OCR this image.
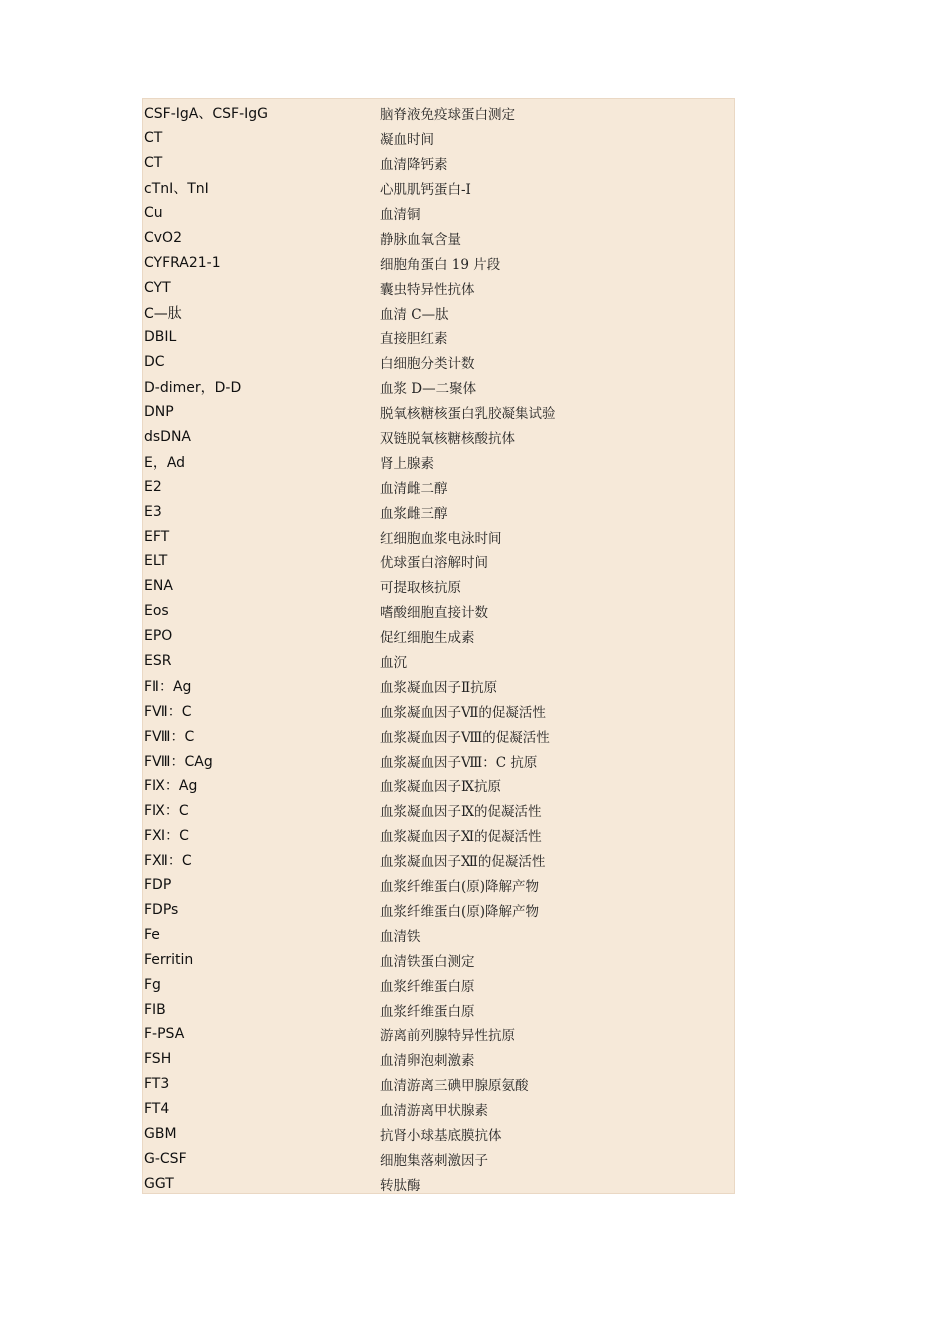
CSF-IgA、CSF-IgG	脑脊液免疫球蛋白测定
CT	凝血时间
CT	血清降钙素
cTnI、TnI	心肌肌钙蛋白-I
Cu	血清铜
CvO2	静脉血氧含量
CYFRA21-1	细胞角蛋白 19 片段
CYT	囊虫特异性抗体
C—肽	血清 C—肽
DBIL	直接胆红素
DC	白细胞分类计数
D-dimer，D-D	血浆 D—二聚体
DNP	脱氧核糖核蛋白乳胶凝集试验
dsDNA	双链脱氧核糖核酸抗体
E，Ad	肾上腺素
E2	血清雌二醇
E3	血浆雌三醇
EFT	红细胞血浆电泳时间
ELT	优球蛋白溶解时间
ENA	可提取核抗原
Eos	嗜酸细胞直接计数
EPO	促红细胞生成素
ESR	血沉
FⅡ：Ag	血浆凝血因子Ⅱ抗原
FⅦ：C	血浆凝血因子Ⅶ的促凝活性
FⅧ：C	血浆凝血因子Ⅷ的促凝活性
FⅧ：CAg	血浆凝血因子Ⅷ：C 抗原
FⅨ：Ag	血浆凝血因子Ⅸ抗原
FⅨ：C	血浆凝血因子Ⅸ的促凝活性
FⅪ：C	血浆凝血因子Ⅺ的促凝活性
FⅫ：C	血浆凝血因子Ⅻ的促凝活性
FDP	血浆纤维蛋白(原)降解产物
FDPs	血浆纤维蛋白(原)降解产物
Fe	血清铁
Ferritin	血清铁蛋白测定
Fg	血浆纤维蛋白原
FIB	血浆纤维蛋白原
F-PSA	游离前列腺特异性抗原
FSH	血清卵泡刺激素
FT3	血清游离三碘甲腺原氨酸
FT4	血清游离甲状腺素
GBM	抗肾小球基底膜抗体
G-CSF	细胞集落刺激因子
GGT	转肽酶
